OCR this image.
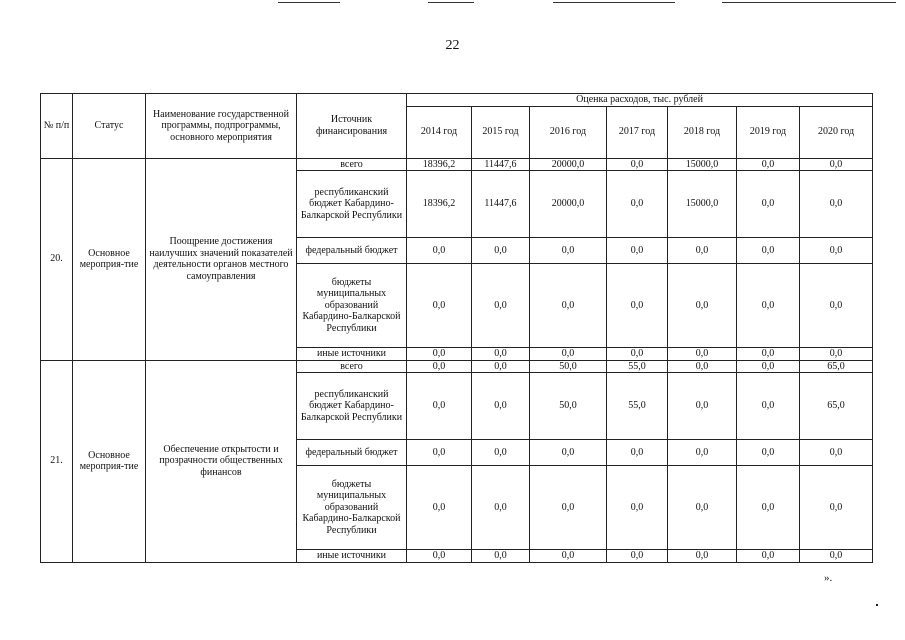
22
№ п/п	Статус	Наименование государственной программы, подпрограммы, основного мероприятия	Источник финансирования	Оценка расходов, тыс. рублей						
				2014 год	2015 год	2016 год	2017 год	2018 год	2019 год	2020 год
20.	Основное мероприя-тие	Поощрение достижения наилучших значений показателей деятельности органов местного самоуправления	всего	18396,2	11447,6	20000,0	0,0	15000,0	0,0	0,0
			республиканский бюджет Кабардино-Балкарской Республики	18396,2	11447,6	20000,0	0,0	15000,0	0,0	0,0
			федеральный бюджет	0,0	0,0	0,0	0,0	0,0	0,0	0,0
			бюджеты муниципальных образований Кабардино-Балкарской Республики	0,0	0,0	0,0	0,0	0,0	0,0	0,0
			иные источники	0,0	0,0	0,0	0,0	0,0	0,0	0,0
21.	Основное мероприя-тие	Обеспечение открытости и прозрачности общественных финансов	всего	0,0	0,0	50,0	55,0	0,0	0,0	65,0
			республиканский бюджет Кабардино-Балкарской Республики	0,0	0,0	50,0	55,0	0,0	0,0	65,0
			федеральный бюджет	0,0	0,0	0,0	0,0	0,0	0,0	0,0
			бюджеты муниципальных образований Кабардино-Балкарской Республики	0,0	0,0	0,0	0,0	0,0	0,0	0,0
			иные источники	0,0	0,0	0,0	0,0	0,0	0,0	0,0
».
